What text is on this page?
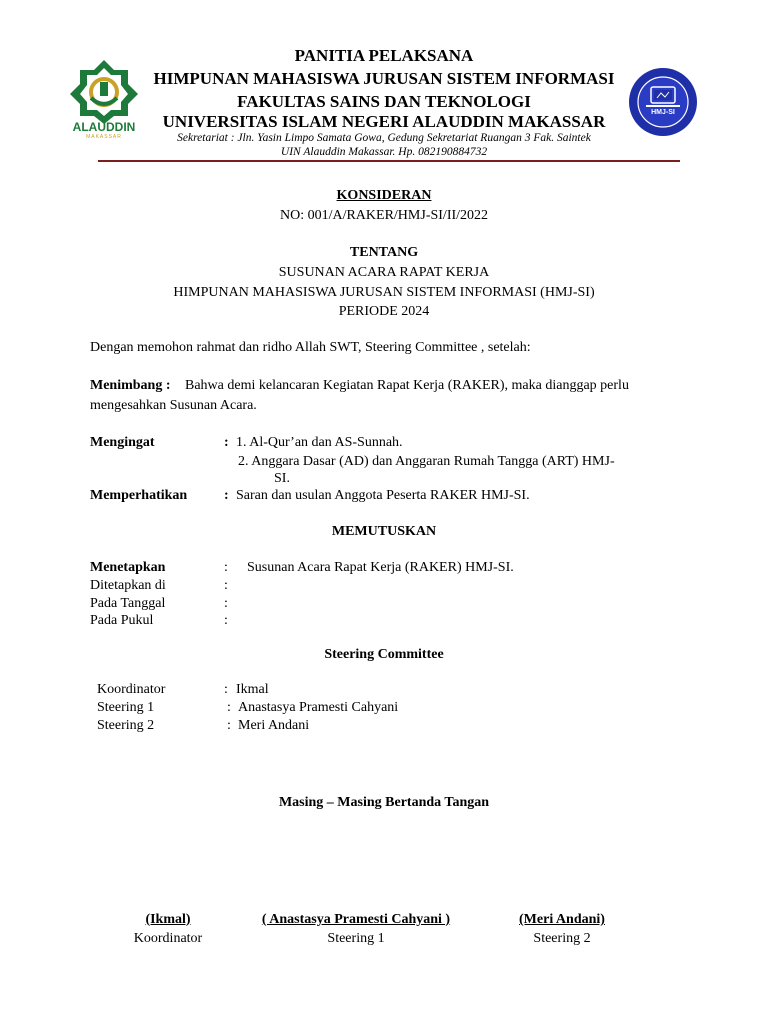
ALAUDDIN
MAKASSAR
HMJ-SI
PANITIA PELAKSANA
HIMPUNAN MAHASISWA JURUSAN SISTEM INFORMASI
FAKULTAS SAINS DAN TEKNOLOGI
UNIVERSITAS ISLAM NEGERI ALAUDDIN MAKASSAR
Sekretariat : Jln. Yasin Limpo Samata Gowa, Gedung Sekretariat Ruangan 3 Fak. Saintek
UIN Alauddin Makassar. Hp. 082190884732
KONSIDERAN
NO: 001/A/RAKER/HMJ-SI/II/2022
TENTANG
SUSUNAN ACARA RAPAT KERJA
HIMPUNAN MAHASISWA JURUSAN SISTEM INFORMASI (HMJ-SI)
PERIODE 2024
Dengan memohon rahmat dan ridho Allah SWT, Steering Committee , setelah:
Menimbang : Bahwa demi kelancaran Kegiatan Rapat Kerja (RAKER), maka dianggap perlu
mengesahkan Susunan Acara.
Mengingat	: 1. Al-Qur’an dan AS-Sunnah.
2. Anggara Dasar (AD) dan Anggaran Rumah Tangga (ART) HMJ-
SI.
Memperhatikan	: Saran dan usulan Anggota Peserta RAKER HMJ-SI.
MEMUTUSKAN
Menetapkan	: Susunan Acara Rapat Kerja (RAKER) HMJ-SI.
Ditetapkan di	:
Pada Tanggal	:
Pada Pukul	:
Steering Committee
Koordinator	: Ikmal
Steering 1	: Anastasya Pramesti Cahyani
Steering 2	: Meri Andani
Masing – Masing Bertanda Tangan
(Ikmal)
Koordinator
( Anastasya Pramesti Cahyani )
Steering 1
(Meri Andani)
Steering 2
